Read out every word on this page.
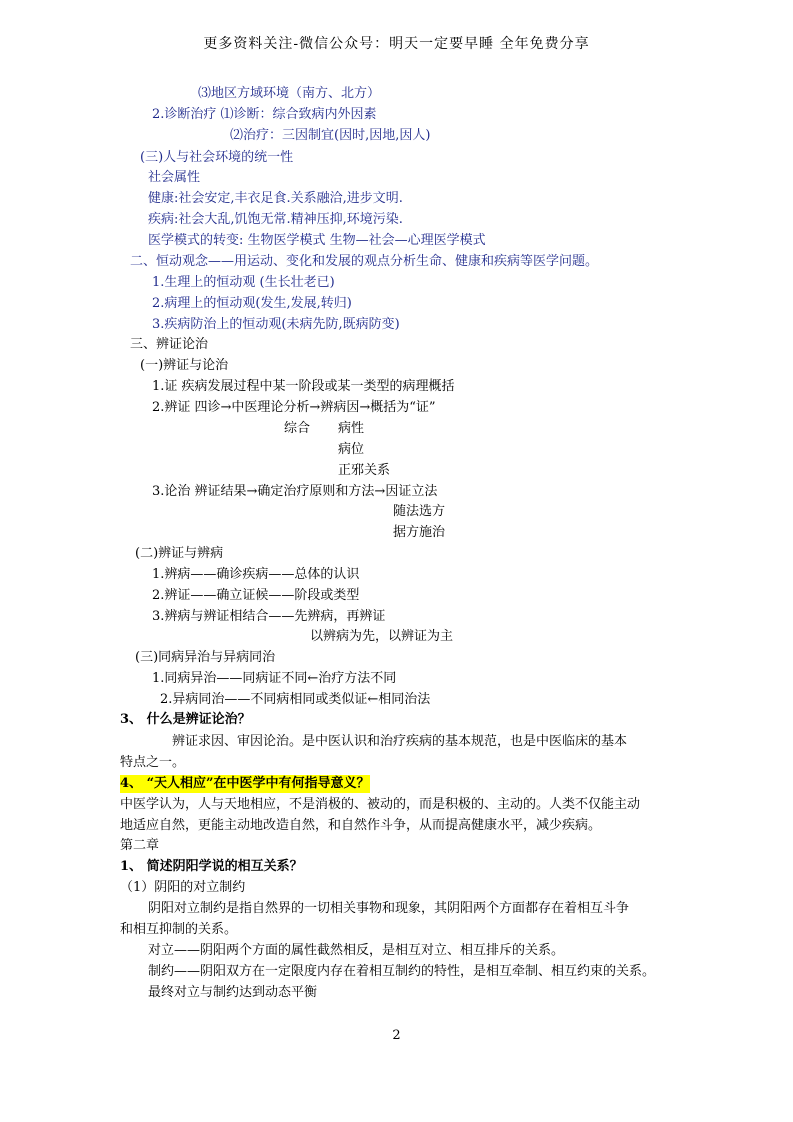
更多资料关注-微信公众号：明天一定要早睡 全年免费分享
⑶地区方域环境（南方、北方）
2.诊断治疗 ⑴诊断：综合致病内外因素
⑵治疗：三因制宜(因时,因地,因人)
(三)人与社会环境的统一性
社会属性
健康:社会安定,丰衣足食.关系融洽,进步文明.
疾病:社会大乱,饥饱无常.精神压抑,环境污染.
医学模式的转变: 生物医学模式 生物—社会—心理医学模式
二、恒动观念——用运动、变化和发展的观点分析生命、健康和疾病等医学问题。
1.生理上的恒动观 (生长壮老已)
2.病理上的恒动观(发生,发展,转归)
3.疾病防治上的恒动观(未病先防,既病防变)
三、辨证论治
(一)辨证与论治
1.证 疾病发展过程中某一阶段或某一类型的病理概括
2.辨证 四诊→中医理论分析→辨病因→概括为“证”
综合 病性
病位
正邪关系
3.论治 辨证结果→确定治疗原则和方法→因证立法
随法选方
据方施治
(二)辨证与辨病
1.辨病——确诊疾病——总体的认识
2.辨证——确立证候——阶段或类型
3.辨病与辨证相结合——先辨病，再辨证
以辨病为先，以辨证为主
(三)同病异治与异病同治
1.同病异治——同病证不同←治疗方法不同
2.异病同治——不同病相同或类似证←相同治法
3、 什么是辨证论治？
辨证求因、审因论治。是中医认识和治疗疾病的基本规范，也是中医临床的基本
特点之一。
4、 “天人相应”在中医学中有何指导意义？
中医学认为，人与天地相应，不是消极的、被动的，而是积极的、主动的。人类不仅能主动
地适应自然，更能主动地改造自然，和自然作斗争，从而提高健康水平，减少疾病。
第二章
1、 简述阴阳学说的相互关系？
（1）阴阳的对立制约
阴阳对立制约是指自然界的一切相关事物和现象，其阴阳两个方面都存在着相互斗争
和相互抑制的关系。
对立——阴阳两个方面的属性截然相反，是相互对立、相互排斥的关系。
制约——阴阳双方在一定限度内存在着相互制约的特性，是相互牵制、相互约束的关系。
最终对立与制约达到动态平衡
2
